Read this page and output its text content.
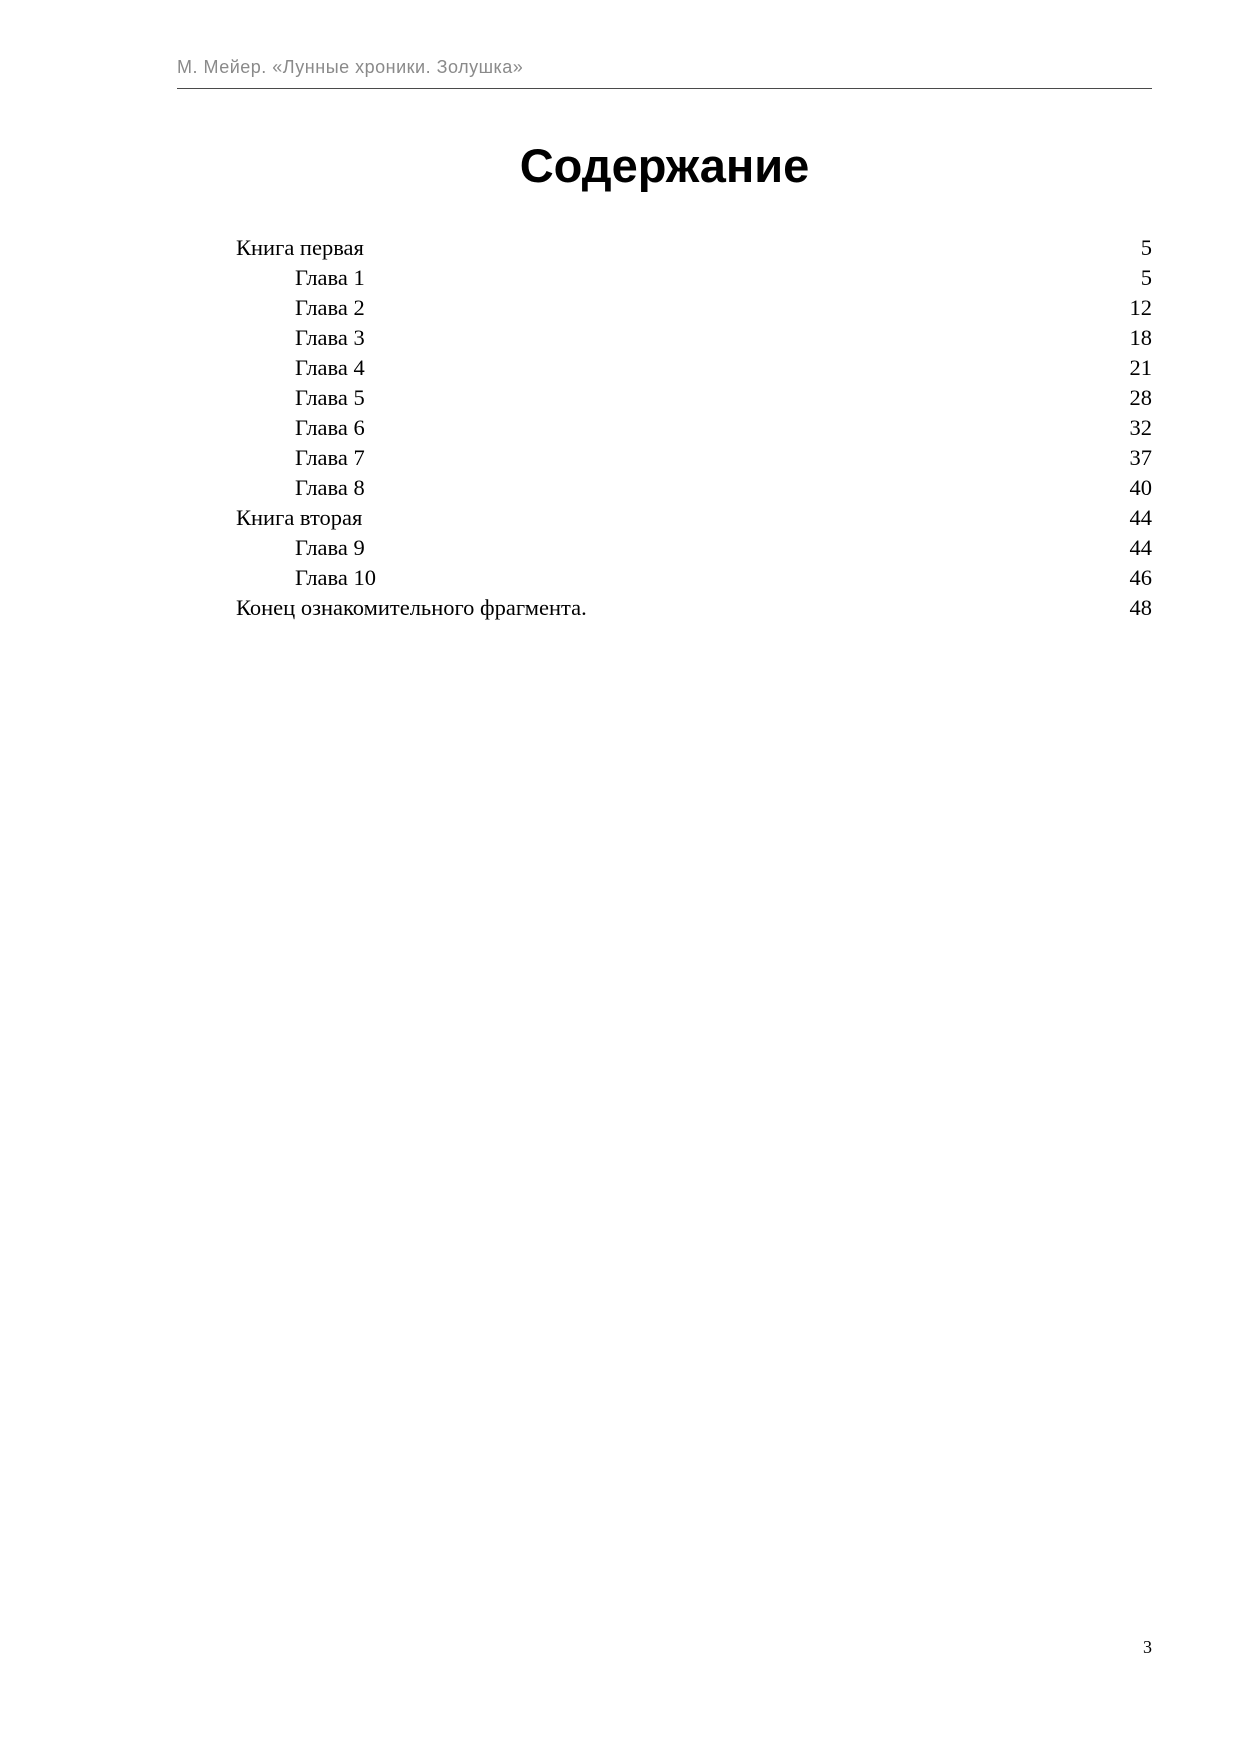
М. Мейер. «Лунные хроники. Золушка»
Содержание
Книга первая	5
Глава 1	5
Глава 2	12
Глава 3	18
Глава 4	21
Глава 5	28
Глава 6	32
Глава 7	37
Глава 8	40
Книга вторая	44
Глава 9	44
Глава 10	46
Конец ознакомительного фрагмента.	48
3
